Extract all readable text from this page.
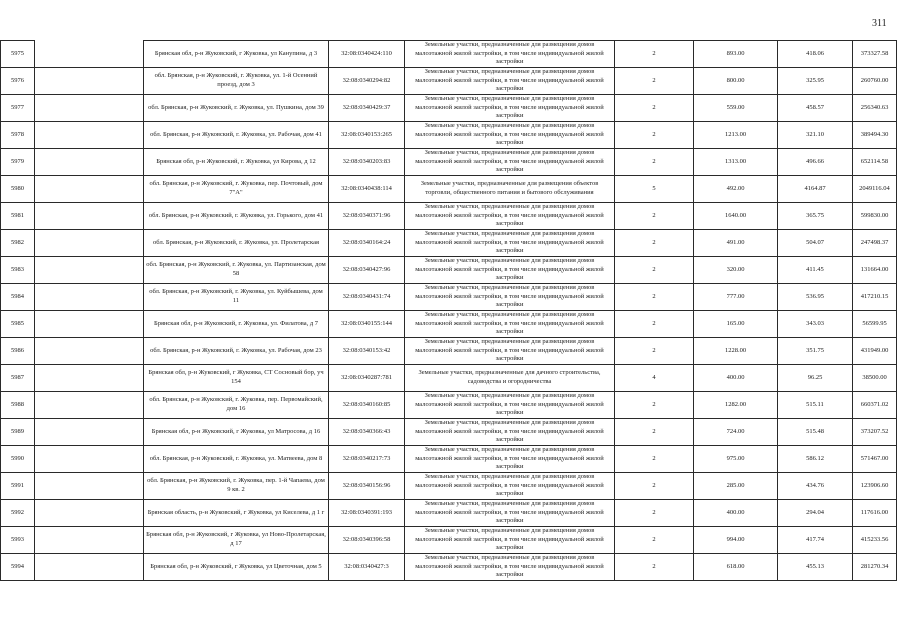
311
5975		Брянская обл, р-н Жуковский, г Жуковка, ул Канупина, д 3	32:08:0340424:110	Земельные участки, предназначенные для размещения домов малоэтажной жилой застройки, в том числе индивидуальной жилой застройки	2	893.00	418.06	373327.58
5976		обл. Брянская, р-н Жуковский, г. Жуковка, ул. 1-й Осенний проезд, дом 3	32:08:0340294:82	Земельные участки, предназначенные для размещения домов малоэтажной жилой застройки, в том числе индивидуальной жилой застройки	2	800.00	325.95	260760.00
5977		обл. Брянская, р-н Жуковский, г. Жуковка, ул. Пушкина, дом 39	32:08:0340429:37	Земельные участки, предназначенные для размещения домов малоэтажной жилой застройки, в том числе индивидуальной жилой застройки	2	559.00	458.57	256340.63
5978		обл. Брянская, р-н Жуковский, г. Жуковка, ул. Рабочая, дом 41	32:08:0340153:265	Земельные участки, предназначенные для размещения домов малоэтажной жилой застройки, в том числе индивидуальной жилой застройки	2	1213.00	321.10	389494.30
5979		Брянская обл, р-н Жуковский, г. Жуковка, ул Кирова, д 12	32:08:0340203:83	Земельные участки, предназначенные для размещения домов малоэтажной жилой застройки, в том числе индивидуальной жилой застройки	2	1313.00	496.66	652114.58
5980		обл. Брянская, р-н Жуковский, г. Жуковка, пер. Почтовый, дом 7"А"	32:08:0340438:114	Земельные участки, предназначенные для размещения объектов торговли, общественного питания и бытового обслуживания	5	492.00	4164.87	2049116.04
5981		обл. Брянская, р-н Жуковский, г. Жуковка, ул. Горького, дом 41	32:08:0340371:96	Земельные участки, предназначенные для размещения домов малоэтажной жилой застройки, в том числе индивидуальной жилой застройки	2	1640.00	365.75	599830.00
5982		обл. Брянская, р-н Жуковский, г. Жуковка, ул. Пролетарская	32:08:0340164:24	Земельные участки, предназначенные для размещения домов малоэтажной жилой застройки, в том числе индивидуальной жилой застройки	2	491.00	504.07	247498.37
5983		обл. Брянская, р-н Жуковский, г. Жуковка, ул. Партизанская, дом 58	32:08:0340427:96	Земельные участки, предназначенные для размещения домов малоэтажной жилой застройки, в том числе индивидуальной жилой застройки	2	320.00	411.45	131664.00
5984		обл. Брянская, р-н Жуковский, г. Жуковка, ул. Куйбышева, дом 11	32:08:0340431:74	Земельные участки, предназначенные для размещения домов малоэтажной жилой застройки, в том числе индивидуальной жилой застройки	2	777.00	536.95	417210.15
5985		Брянская обл, р-н Жуковский, г. Жуковка, ул. Филатова, д 7	32:08:0340155:144	Земельные участки, предназначенные для размещения домов малоэтажной жилой застройки, в том числе индивидуальной жилой застройки	2	165.00	343.03	56599.95
5986		обл. Брянская, р-н Жуковский, г. Жуковка, ул. Рабочая, дом 23	32:08:0340153:42	Земельные участки, предназначенные для размещения домов малоэтажной жилой застройки, в том числе индивидуальной жилой застройки	2	1228.00	351.75	431949.00
5987		Брянская обл, р-н Жуковский, г Жуковка, СТ Сосновый бор, уч 154	32:08:0340287:781	Земельные участки, предназначенные для дачного строительства, садоводства и огородничества	4	400.00	96.25	38500.00
5988		обл. Брянская, р-н Жуковский, г. Жуковка, пер. Первомайский, дом 16	32:08:0340160:85	Земельные участки, предназначенные для размещения домов малоэтажной жилой застройки, в том числе индивидуальной жилой застройки	2	1282.00	515.11	660371.02
5989		Брянская обл, р-н Жуковский, г Жуковка, ул Матросова, д 16	32:08:0340366:43	Земельные участки, предназначенные для размещения домов малоэтажной жилой застройки, в том числе индивидуальной жилой застройки	2	724.00	515.48	373207.52
5990		обл. Брянская, р-н Жуковский, г. Жуковка, ул. Матвеева, дом 8	32:08:0340217:73	Земельные участки, предназначенные для размещения домов малоэтажной жилой застройки, в том числе индивидуальной жилой застройки	2	975.00	586.12	571467.00
5991		обл. Брянская, р-н Жуковский, г. Жуковка, пер. 1-й Чапаева, дом 9 кв. 2	32:08:0340156:96	Земельные участки, предназначенные для размещения домов малоэтажной жилой застройки, в том числе индивидуальной жилой застройки	2	285.00	434.76	123906.60
5992		Брянская область, р-н Жуковский, г Жуковка, ул Киселева, д 1 г	32:08:0340391:193	Земельные участки, предназначенные для размещения домов малоэтажной жилой застройки, в том числе индивидуальной жилой застройки	2	400.00	294.04	117616.00
5993		Брянская обл, р-н Жуковский, г Жуковка, ул Ново-Пролетарская, д 17	32:08:0340396:58	Земельные участки, предназначенные для размещения домов малоэтажной жилой застройки, в том числе индивидуальной жилой застройки	2	994.00	417.74	415233.56
5994		Брянская обл, р-н Жуковский, г Жуковка, ул Цветочная, дом 5	32:08:0340427:3	Земельные участки, предназначенные для размещения домов малоэтажной жилой застройки, в том числе индивидуальной жилой застройки	2	618.00	455.13	281270.34
